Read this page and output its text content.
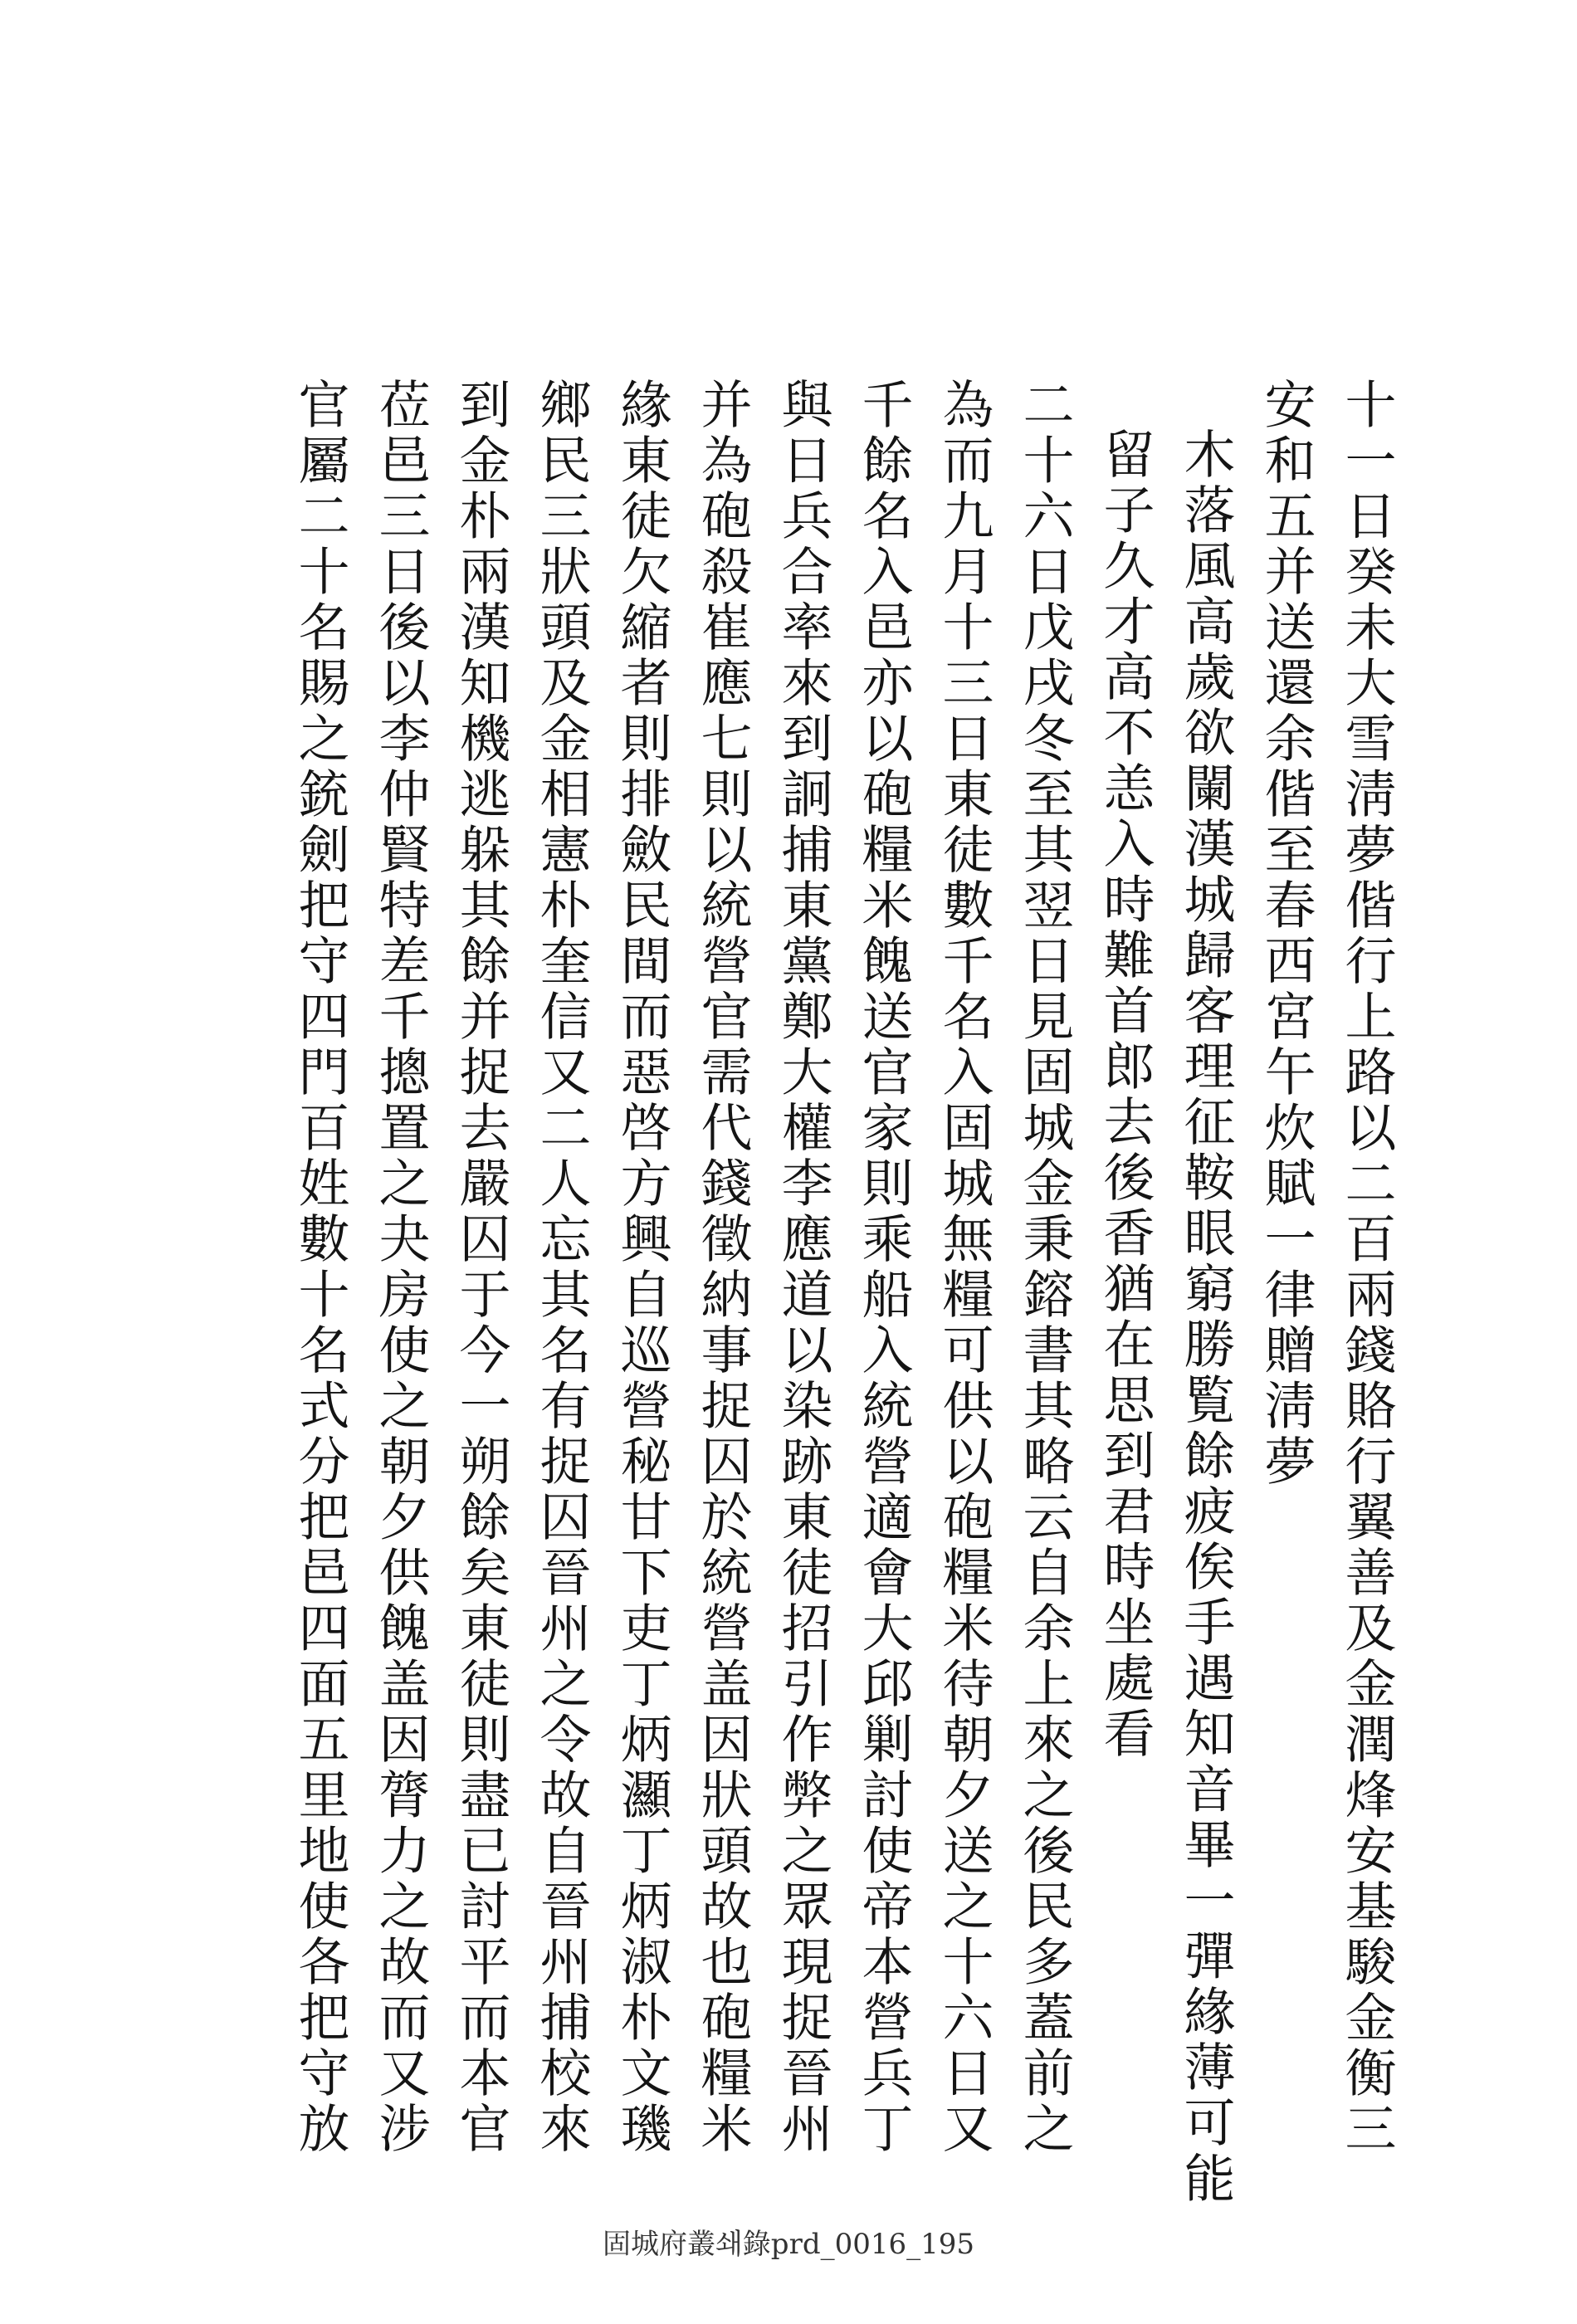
十一日癸未大雪淸夢偕行上路以二百兩錢賂行翼善及金潤烽安基駿金衡三
安和五并送還余偕至春西宮午炊賦一律贈淸夢
木落風高歲欲闌漢城歸客理征鞍眼窮勝覧餘疲俟手遇知音畢一彈緣薄可能
留子久才高不恙入時難首郎去後香猶在思到君時坐處看
二十六日戊戌冬至其翌日見固城金秉鎔書其略云自余上來之後民多蓋前之
為而九月十三日東徒數千名入固城無糧可供以砲糧米待朝夕送之十六日又
千餘名入邑亦以砲糧米餽送官家則乘船入統營適會大邱剿討使帝本營兵丁
與日兵合率來到詗捕東黨鄭大權李應道以染跡東徒招引作弊之眾現捉晉州
并為砲殺崔應七則以統營官需代錢徵納事捉囚於統營盖因狀頭故也砲糧米
緣東徒欠縮者則排斂民間而惡啓方興自巡營秘甘下吏丁炳灦丁炳淑朴文璣
鄉民三狀頭及金相憲朴奎信又二人忘其名有捉囚晉州之令故自晉州捕校來
到金朴兩漢知機逃躲其餘并捉去嚴囚于今一朔餘矣東徒則盡已討平而本官
莅邑三日後以李仲賢特差千摠置之夬房使之朝夕供餽盖因膂力之故而又涉
官屬二十名賜之銃劍把守四門百姓數十名式分把邑四面五里地使各把守放
固城府叢쇄錄prd_0016_195
